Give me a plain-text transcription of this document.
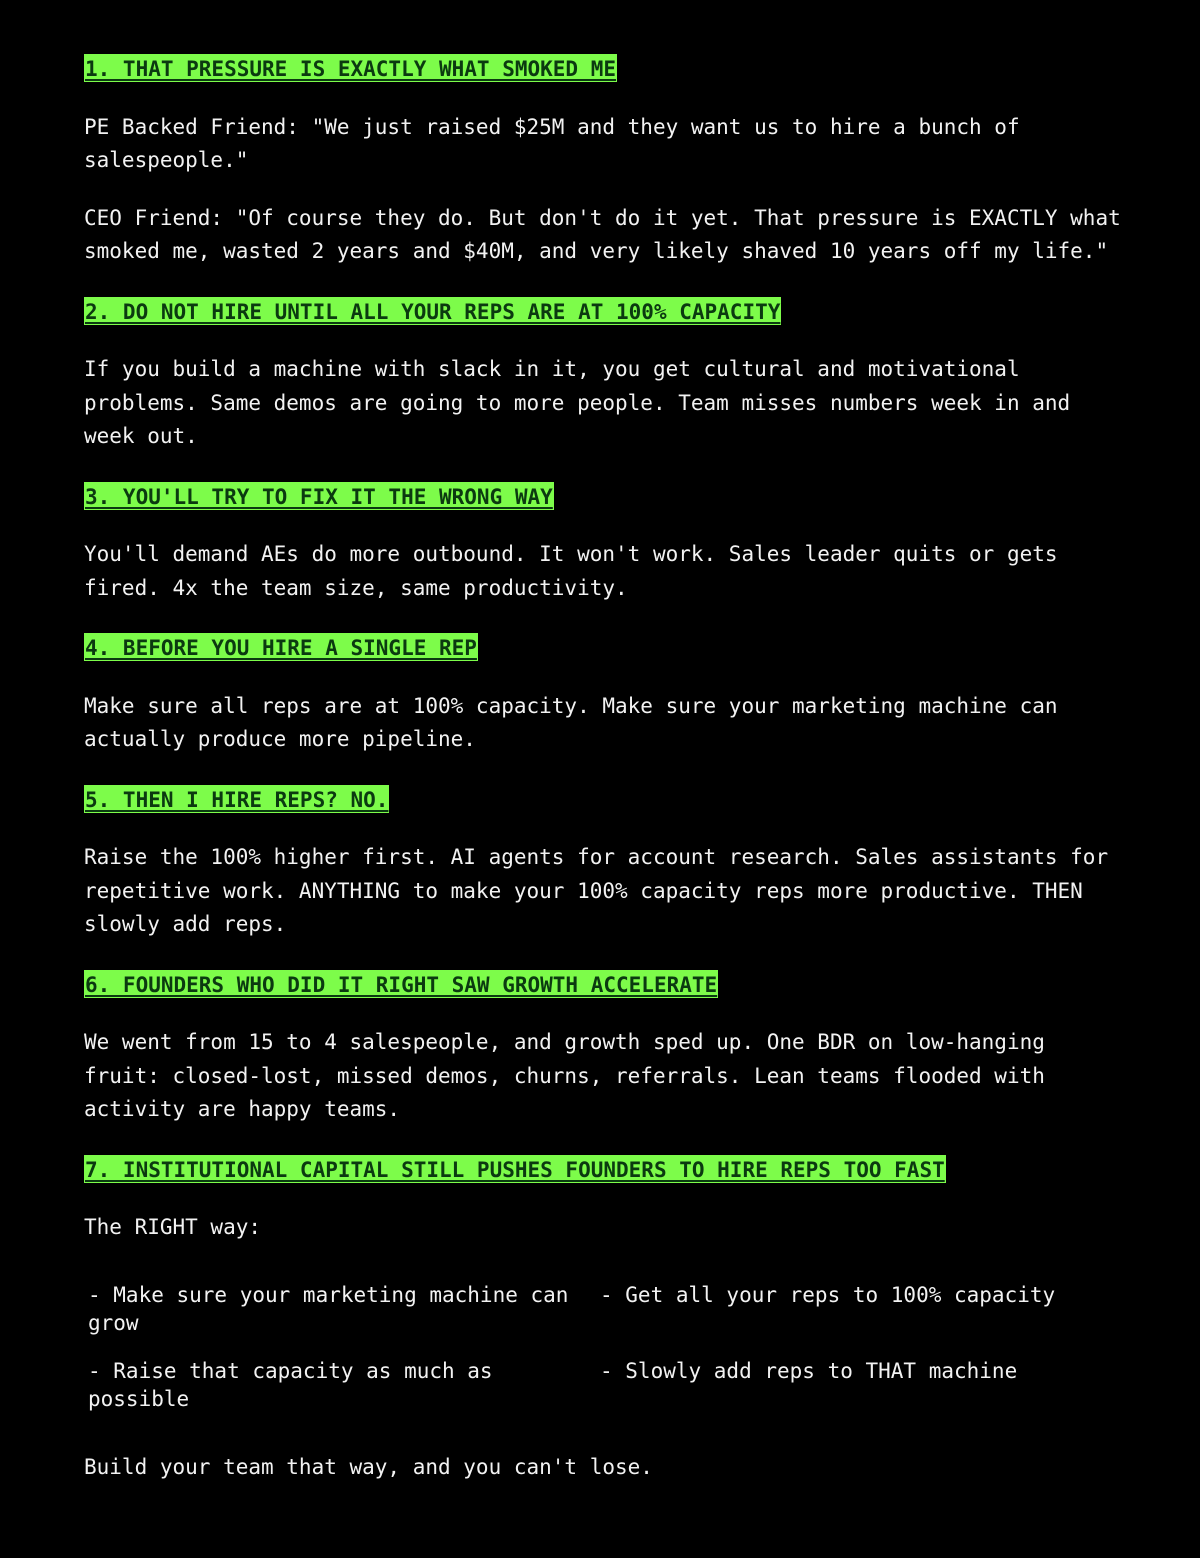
1. THAT PRESSURE IS EXACTLY WHAT SMOKED ME

PE Backed Friend: "We just raised $25M and they want us to hire a bunch of salespeople."

CEO Friend: "Of course they do. But don't do it yet. That pressure is EXACTLY what smoked me, wasted 2 years and $40M, and very likely shaved 10 years off my life."

2. DO NOT HIRE UNTIL ALL YOUR REPS ARE AT 100% CAPACITY

If you build a machine with slack in it, you get cultural and motivational problems. Same demos are going to more people. Team misses numbers week in and week out.

3. YOU'LL TRY TO FIX IT THE WRONG WAY

You'll demand AEs do more outbound. It won't work. Sales leader quits or gets fired. 4x the team size, same productivity.

4. BEFORE YOU HIRE A SINGLE REP

Make sure all reps are at 100% capacity. Make sure your marketing machine can actually produce more pipeline.

5. THEN I HIRE REPS? NO.

Raise the 100% higher first. AI agents for account research. Sales assistants for repetitive work. ANYTHING to make your 100% capacity reps more productive. THEN slowly add reps.

6. FOUNDERS WHO DID IT RIGHT SAW GROWTH ACCELERATE

We went from 15 to 4 salespeople, and growth sped up. One BDR on low-hanging fruit: closed-lost, missed demos, churns, referrals. Lean teams flooded with activity are happy teams.

7. INSTITUTIONAL CAPITAL STILL PUSHES FOUNDERS TO HIRE REPS TOO FAST

The RIGHT way:

- Make sure your marketing machine can grow

- Get all your reps to 100% capacity

- Raise that capacity as much as possible

- Slowly add reps to THAT machine

Build your team that way, and you can't lose.
